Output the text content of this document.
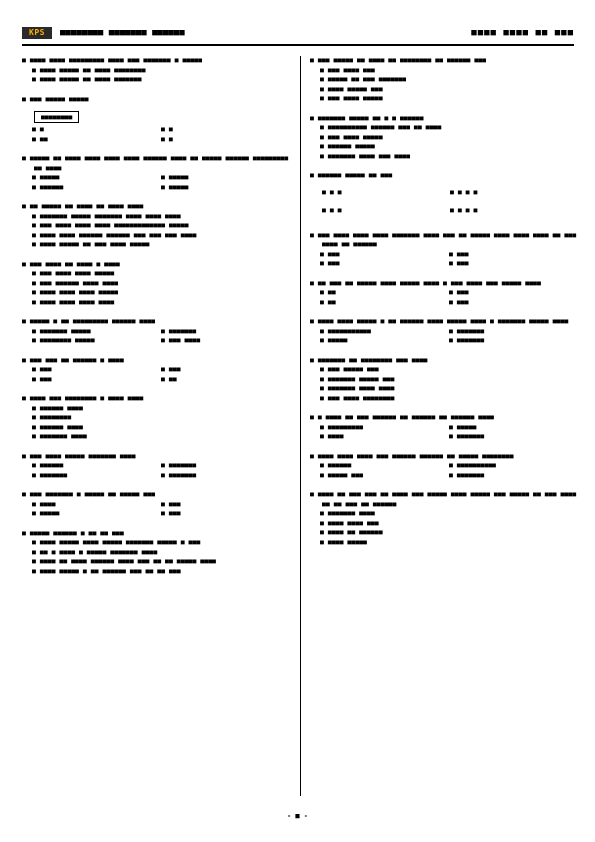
KPS	■■■■■■■■ ■■■■■■■ ■■■■■■	■■■■ ■■■■ ■■ ■■■
■ ■■■■ ■■■■ ■■■■■■■■■ ■■■■ ■■■ ■■■■■■■ ■ ■■■■■
■ ■■■■ ■■■■■ ■■ ■■■■ ■■■■■■■■
■ ■■■■ ■■■■■ ■■ ■■■■ ■■■■■■■
■ ■■■ ■■■■■ ■■■■■
■■■■■■■■
■ ■	■ ■
■ ■■	■ ■
■ ■■■■■ ■■ ■■■■ ■■■■ ■■■■ ■■■■ ■■■■■■ ■■■■ ■■ ■■■■■ ■■■■■■ ■■■■■■■■■ ■■ ■■■■
■ ■■■■■	■ ■■■■■
■ ■■■■■■	■ ■■■■■
■ ■■ ■■■■■ ■■ ■■■■ ■■ ■■■■ ■■■■
■ ■■■■■■■ ■■■■■ ■■■■■■■ ■■■■ ■■■■ ■■■■
■ ■■■ ■■■■ ■■■■ ■■■■ ■■■■■■■■■■■■■ ■■■■■
■ ■■■■ ■■■■ ■■■■■■ ■■■■■■ ■■■ ■■■ ■■■ ■■■■
■ ■■■■ ■■■■■ ■■ ■■■ ■■■■ ■■■■■
■ ■■■ ■■■■ ■■ ■■■■ ■ ■■■■
■ ■■■ ■■■■ ■■■■ ■■■■■
■ ■■■ ■■■■■■ ■■■■ ■■■■
■ ■■■■ ■■■■ ■■■■ ■■■■■
■ ■■■■ ■■■■ ■■■■ ■■■■
■ ■■■■■ ■ ■■ ■■■■■■■■■ ■■■■■■ ■■■■
■ ■■■■■■■ ■■■■■	■ ■■■■■■■
■ ■■■■■■■■ ■■■■■	■ ■■■ ■■■■
■ ■■■ ■■■ ■■ ■■■■■■ ■ ■■■■
■ ■■■	■ ■■■
■ ■■■	■ ■■
■ ■■■■ ■■■ ■■■■■■■■ ■ ■■■■ ■■■■
■ ■■■■■■ ■■■■
■ ■■■■■■■■
■ ■■■■■■ ■■■■
■ ■■■■■■■ ■■■■
■ ■■■ ■■■■ ■■■■■ ■■■■■■■ ■■■■
■ ■■■■■■	■ ■■■■■■■
■ ■■■■■■■	■ ■■■■■■■
■ ■■■ ■■■■■■■ ■ ■■■■■ ■■ ■■■■■ ■■■
■ ■■■■	■ ■■■
■ ■■■■■	■ ■■■
■ ■■■■■ ■■■■■■ ■ ■■ ■■ ■■■
■ ■■■■ ■■■■■ ■■■■ ■■■■■ ■■■■■■■ ■■■■■ ■ ■■■
■ ■■ ■ ■■■■ ■ ■■■■■ ■■■■■■■ ■■■■
■ ■■■■ ■■ ■■■■ ■■■■■■ ■■■■ ■■■ ■■ ■■ ■■■■■ ■■■■
■ ■■■■ ■■■■■ ■ ■■ ■■■■■■ ■■■ ■■ ■■ ■■■
■ ■■■ ■■■■■ ■■ ■■■■ ■■ ■■■■■■■■ ■■ ■■■■■■ ■■■
■ ■■■ ■■■■ ■■■
■ ■■■■■ ■■ ■■■ ■■■■■■■
■ ■■■■ ■■■■■ ■■■
■ ■■■ ■■■■ ■■■■■
■ ■■■■■■■ ■■■■■ ■■ ■ ■ ■■■■■■
■ ■■■■■■■■■■ ■■■■■■ ■■■ ■■ ■■■■
■ ■■■ ■■■■ ■■■■■
■ ■■■■■■ ■■■■■
■ ■■■■■■■ ■■■■ ■■■ ■■■■
■ ■■■■■■ ■■■■■ ■■ ■■■
■ ■ ■	■ ■ ■ ■
■ ■ ■	■ ■ ■ ■
■ ■■■ ■■■■ ■■■■ ■■■■ ■■■■■■■ ■■■■ ■■■ ■■ ■■■■■ ■■■■ ■■■■ ■■■■ ■■ ■■■ ■■■■ ■■ ■■■■■■
■ ■■■	■ ■■■
■ ■■■	■ ■■■
■ ■■ ■■■ ■■ ■■■■■ ■■■■ ■■■■■ ■■■■ ■ ■■■ ■■■■ ■■■ ■■■■■ ■■■■
■ ■■	■ ■■■
■ ■■	■ ■■■
■ ■■■■ ■■■■ ■■■■■ ■ ■■ ■■■■■■ ■■■■ ■■■■■ ■■■■ ■ ■■■■■■■ ■■■■■ ■■■■
■ ■■■■■■■■■■■	■ ■■■■■■■
■ ■■■■■	■ ■■■■■■■
■ ■■■■■■■ ■■ ■■■■■■■■ ■■■ ■■■■
■ ■■■ ■■■■■ ■■■
■ ■■■■■■■ ■■■■■ ■■■
■ ■■■■■■■ ■■■■ ■■■■
■ ■■■ ■■■■ ■■■■■■■■
■ ■ ■■■■ ■■ ■■■ ■■■■■■ ■■ ■■■■■■ ■■ ■■■■■■ ■■■■
■ ■■■■■■■■■	■ ■■■■■
■ ■■■■	■ ■■■■■■■
■ ■■■■ ■■■■ ■■■■ ■■■ ■■■■■■ ■■■■■■ ■■ ■■■■■ ■■■■■■■■
■ ■■■■■■	■ ■■■■■■■■■■
■ ■■■■■ ■■■	■ ■■■■■■■
■ ■■■■ ■■ ■■■ ■■■ ■■ ■■■■ ■■■ ■■■■■ ■■■■ ■■■■■ ■■■ ■■■■■ ■■ ■■■ ■■■■■■ ■■ ■■■ ■■ ■■■■■■
■ ■■■■■■■ ■■■■
■ ■■■■ ■■■■ ■■■
■ ■■■■ ■■ ■■■■■■
■ ■■■■ ■■■■■
- ■ -
